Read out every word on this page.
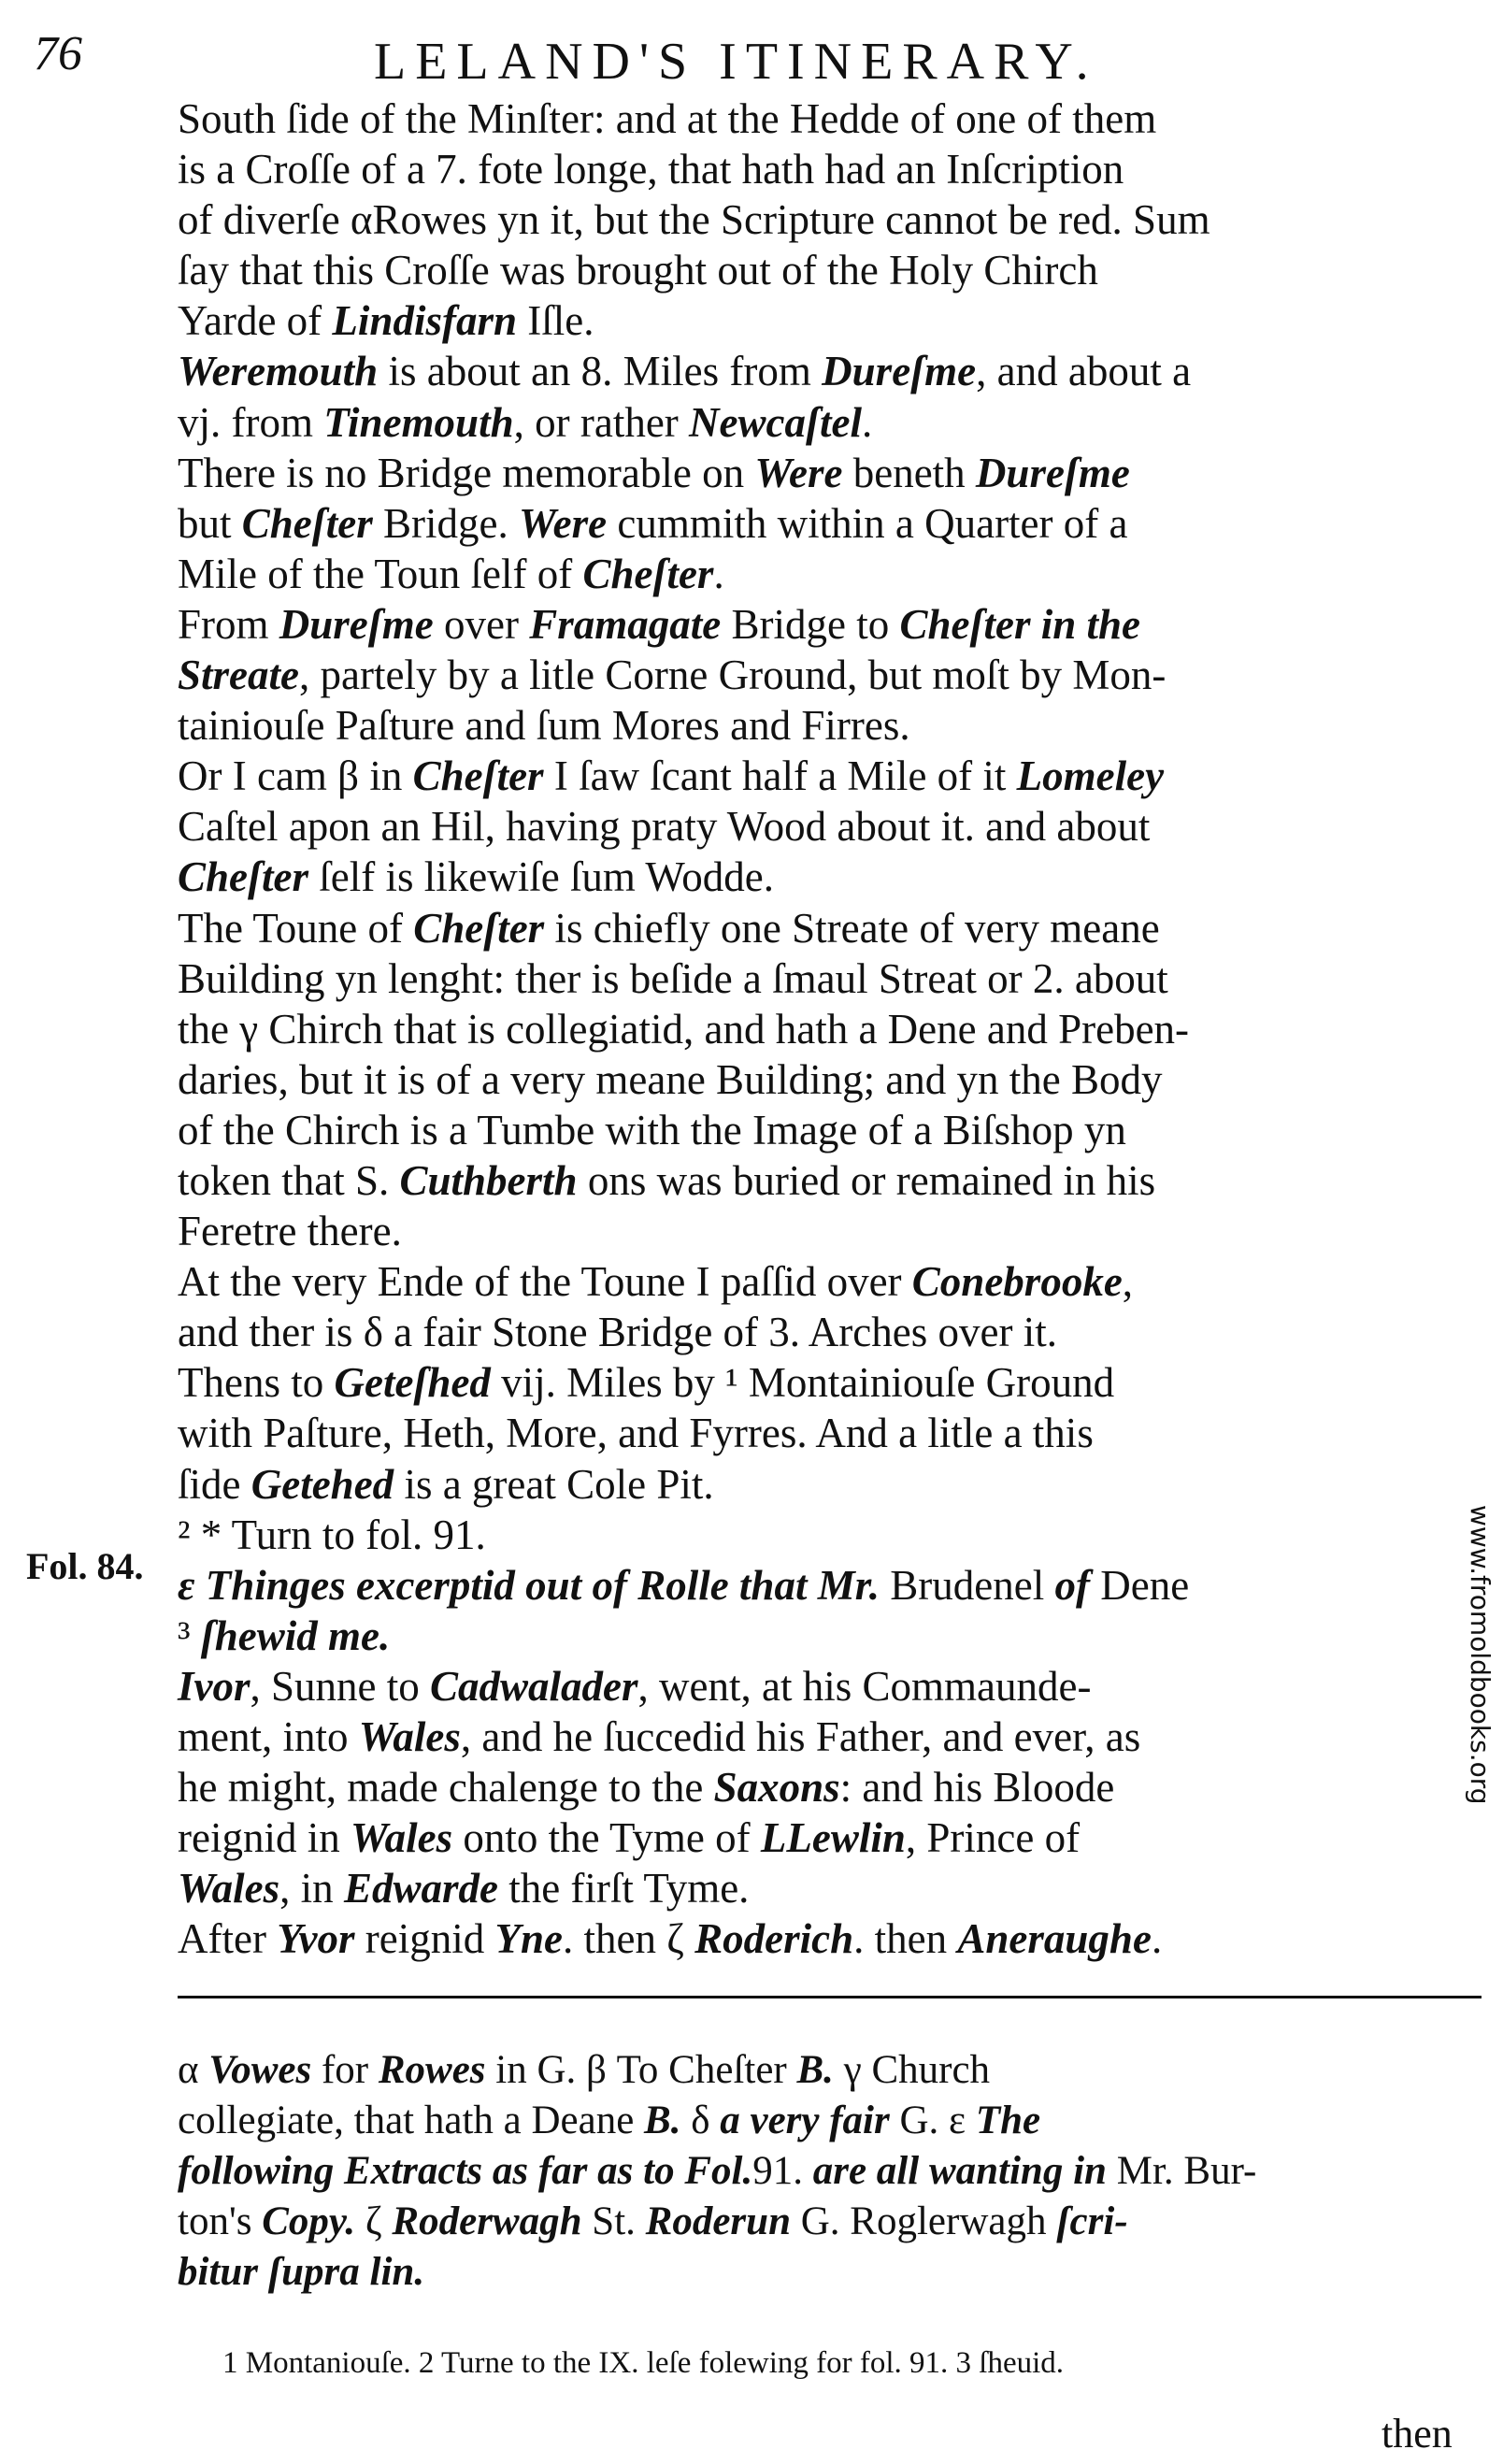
76	LELAND'S ITINERARY.
South ſide of the Minſter: and at the Hedde of one of them
is a Croſſe of a 7. fote longe, that hath had an Inſcription
of diverſe αRowes yn it, but the Scripture cannot be red. Sum
ſay that this Croſſe was brought out of the Holy Chirch
Yarde of Lindisfarn Iſle.
Weremouth is about an 8. Miles from Dureſme, and about a
vj. from Tinemouth, or rather Newcaſtel.
There is no Bridge memorable on Were beneth Dureſme
but Cheſter Bridge. Were cummith within a Quarter of a
Mile of the Toun ſelf of Cheſter.
From Dureſme over Framagate Bridge to Cheſter in the
Streate, partely by a litle Corne Ground, but moſt by Mon-
tainiouſe Paſture and ſum Mores and Firres.
Or I cam β in Cheſter I ſaw ſcant half a Mile of it Lomeley
Caſtel apon an Hil, having praty Wood about it. and about
Cheſter ſelf is likewiſe ſum Wodde.
The Toune of Cheſter is chiefly one Streate of very meane
Building yn lenght: ther is beſide a ſmaul Streat or 2. about
the γ Chirch that is collegiatid, and hath a Dene and Preben-
daries, but it is of a very meane Building; and yn the Body
of the Chirch is a Tumbe with the Image of a Biſshop yn
token that S. Cuthberth ons was buried or remained in his
Feretre there.
At the very Ende of the Toune I paſſid over Conebrooke,
and ther is δ a fair Stone Bridge of 3. Arches over it.
Thens to Geteſhed vij. Miles by ¹ Montainiouſe Ground
with Paſture, Heth, More, and Fyrres. And a litle a this
ſide Getehed is a great Cole Pit.
² * Turn to fol. 91.
ε Thinges excerptid out of Rolle that Mr. Brudenel of Dene
³ ſhewid me.
Ivor, Sunne to Cadwalader, went, at his Commaunde-
ment, into Wales, and he ſuccedid his Father, and ever, as
he might, made chalenge to the Saxons: and his Bloode
reignid in Wales onto the Tyme of LLewlin, Prince of
Wales, in Edwarde the firſt Tyme.
After Yvor reignid Yne. then ζ Roderich. then Aneraughe.
Fol. 84.
α Vowes for Rowes in G. β To Cheſter B. γ Church
collegiate, that hath a Deane B. δ a very fair G. ε The
following Extracts as far as to Fol.91. are all wanting in Mr. Bur-
ton's Copy. ζ Roderwagh St. Roderun G. Roglerwagh ſcri-
bitur ſupra lin.
1 Montaniouſe. 2 Turne to the IX. leſe folewing for fol. 91. 3 ſheuid.
then
www.fromoldbooks.org
